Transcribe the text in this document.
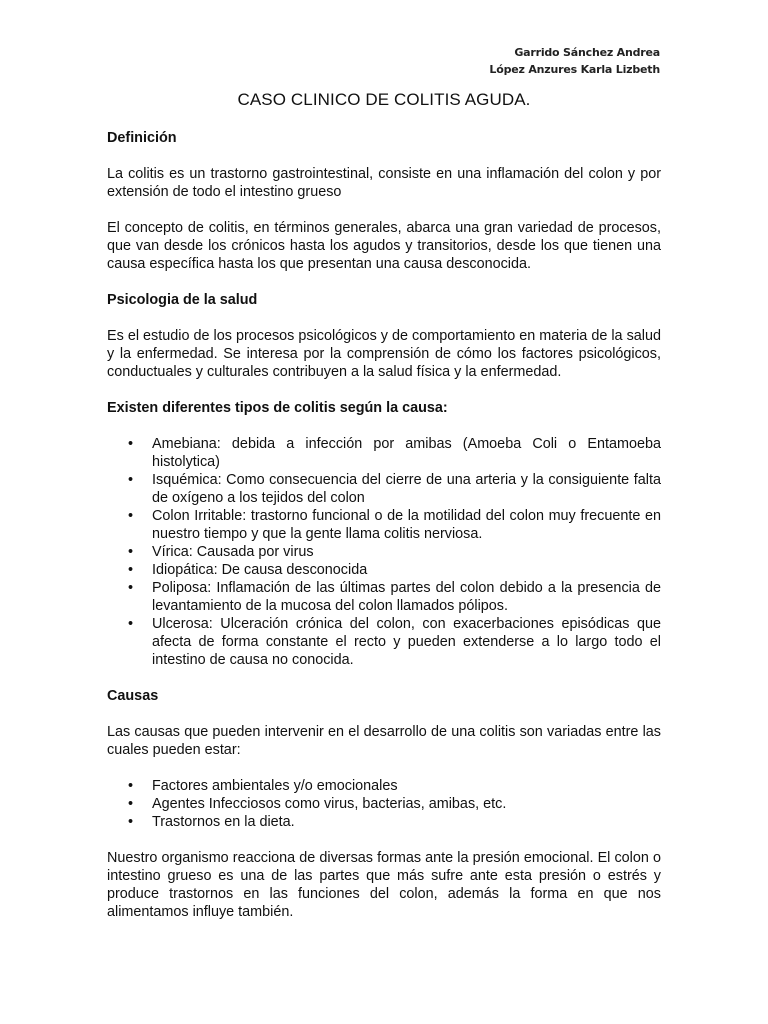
Garrido Sánchez Andrea
López Anzures Karla Lizbeth
CASO CLINICO DE COLITIS AGUDA.
Definición

La colitis es un trastorno gastrointestinal, consiste en una inflamación del colon y por extensión de todo el intestino grueso

El concepto de colitis, en términos generales, abarca una gran variedad de procesos, que van desde los crónicos hasta los agudos y transitorios, desde los que tienen una causa específica hasta los que presentan una causa desconocida.

Psicologia de la salud

Es el estudio de los procesos psicológicos y de comportamiento en materia de la salud y la enfermedad. Se interesa por la comprensión de cómo los factores psicológicos, conductuales y culturales contribuyen a la salud física y la enfermedad.

Existen diferentes tipos de colitis según la causa:
• Amebiana: debida a infección por amibas (Amoeba Coli o Entamoeba histolytica)
• Isquémica: Como consecuencia del cierre de una arteria y la consiguiente falta de oxígeno a los tejidos del colon
• Colon Irritable: trastorno funcional o de la motilidad del colon muy frecuente en nuestro tiempo y que la gente llama colitis nerviosa.
• Vírica: Causada por virus
• Idiopática: De causa desconocida
• Poliposa: Inflamación de las últimas partes del colon debido a la presencia de levantamiento de la mucosa del colon llamados pólipos.
• Ulcerosa: Ulceración crónica del colon, con exacerbaciones episódicas que afecta de forma constante el recto y pueden extenderse a lo largo todo el intestino de causa no conocida.
Causas

Las causas que pueden intervenir en el desarrollo de una colitis son variadas entre las cuales pueden estar:

• Factores ambientales y/o emocionales
• Agentes Infecciosos como virus, bacterias, amibas, etc.
• Trastornos en la dieta.

Nuestro organismo reacciona de diversas formas ante la presión emocional. El colon o intestino grueso es una de las partes que más sufre ante esta presión o estrés y produce trastornos en las funciones del colon, además la forma en que nos alimentamos influye también.
